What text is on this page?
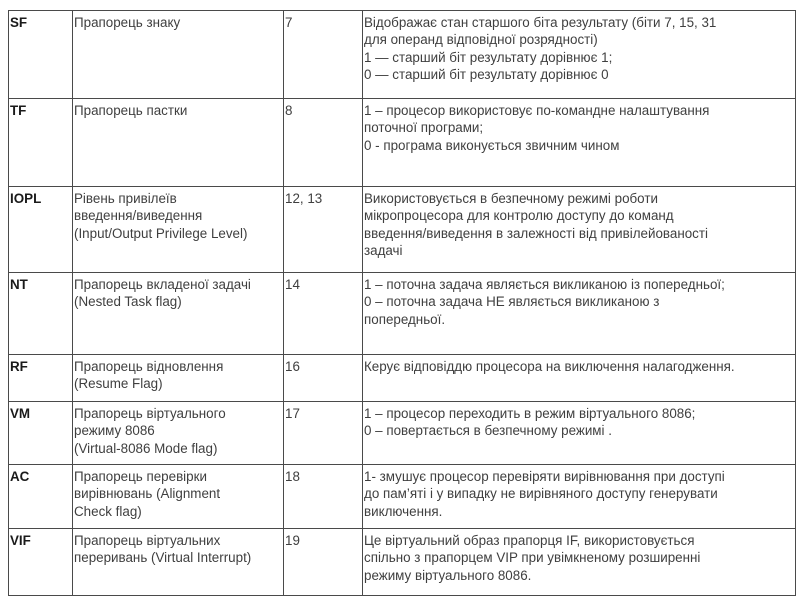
SF	Прапорець знаку	7	Відображає стан старшого біта результату (біти 7, 15, 31
для операнд відповідної розрядності)
1 — старший біт результату дорівнює 1;
0 — старший біт результату дорівнює 0

TF	Прапорець пастки	8	1 – процесор використовує по-командне налаштування
поточної програми;
0 - програма виконується звичним чином

IOPL	Рівень привілеїв
введення/виведення
(Input/Output Privilege Level)	12, 13	Використовується в безпечному режимі роботи
мікропроцесора для контролю доступу до команд
введення/виведення в залежності від привілейованості
задачі

NT	Прапорець вкладеної задачі
(Nested Task flag)	14	1 – поточна задача являється викликаною із попередньої;
0 – поточна задача НЕ являється викликаною з
попередньої.

RF	Прапорець відновлення
(Resume Flag)	16	Керує відповіддю процесора на виключення налагодження.

VM	Прапорець віртуального
режиму 8086
(Virtual-8086 Mode flag)	17	1 – процесор переходить в режим віртуального 8086;
0 – повертається в безпечному режимі .

AC	Прапорець перевірки
вирівнювань (Alignment
Check flag)	18	1- змушує процесор перевіряти вирівнювання при доступі
до пам’яті і у випадку не вирівняного доступу генерувати
виключення.

VIF	Прапорець віртуальних
переривань (Virtual Interrupt)	19	Це віртуальний образ прапорця IF, використовується
спільно з прапорцем VIP при увімкненому розширенні
режиму віртуального 8086.
